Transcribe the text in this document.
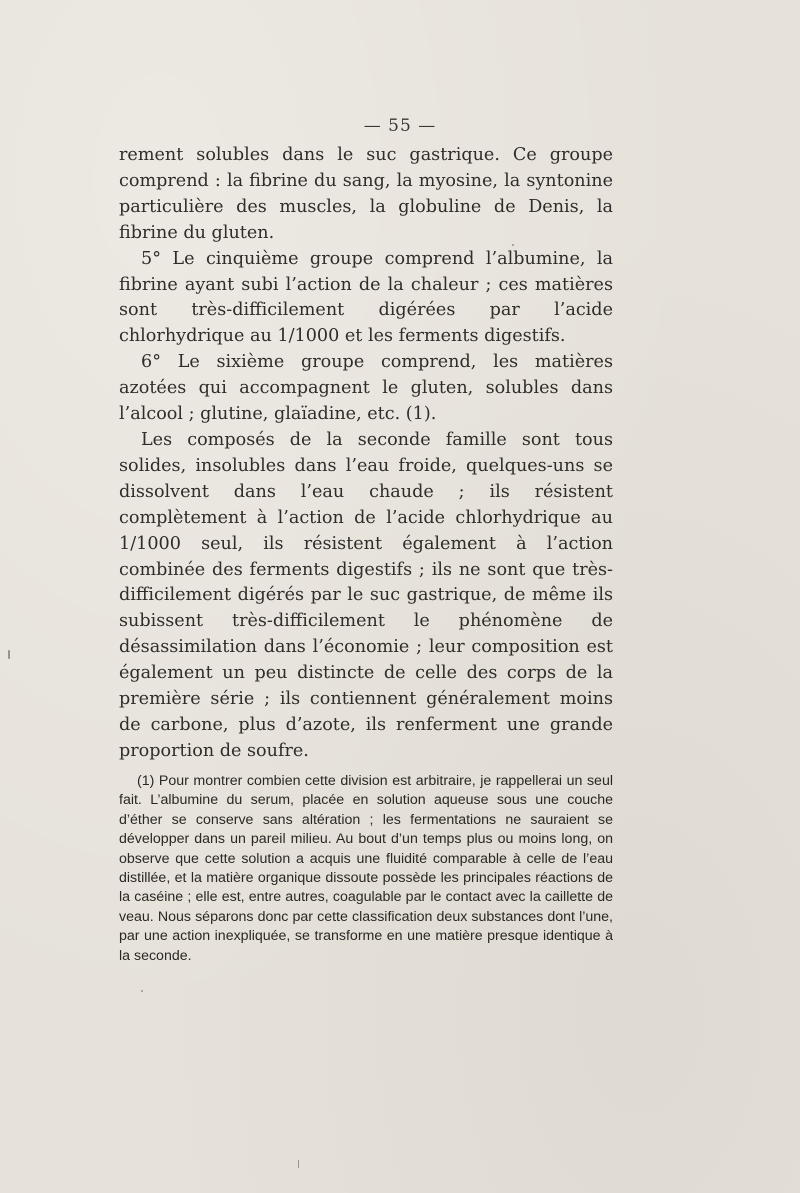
— 55 —

rement solubles dans le suc gastrique. Ce groupe comprend : la fibrine du sang, la myosine, la syntonine particulière des muscles, la globuline de Denis, la fibrine du gluten.

5° Le cinquième groupe comprend l’albumine, la fibrine ayant subi l’action de la chaleur ; ces matières sont très-difficilement digérées par l’acide chlorhydrique au 1/1000 et les ferments digestifs.

6° Le sixième groupe comprend, les matières azotées qui accompagnent le gluten, solubles dans l’alcool ; glutine, glaïadine, etc. (1).

Les composés de la seconde famille sont tous solides, insolubles dans l’eau froide, quelques-uns se dissolvent dans l’eau chaude ; ils résistent complètement à l’action de l’acide chlorhydrique au 1/1000 seul, ils résistent également à l’action combinée des ferments digestifs ; ils ne sont que très-difficilement digérés par le suc gastrique, de même ils subissent très-difficilement le phénomène de désassimilation dans l’économie ; leur composition est également un peu distincte de celle des corps de la première série ; ils contiennent généralement moins de carbone, plus d’azote, ils renferment une grande proportion de soufre.

(1) Pour montrer combien cette division est arbitraire, je rappellerai un seul fait. L’albumine du serum, placée en solution aqueuse sous une couche d’éther se conserve sans altération ; les fermentations ne sauraient se développer dans un pareil milieu. Au bout d’un temps plus ou moins long, on observe que cette solution a acquis une fluidité comparable à celle de l’eau distillée, et la matière organique dissoute possède les principales réactions de la caséine ; elle est, entre autres, coagulable par le contact avec la caillette de veau. Nous séparons donc par cette classification deux substances dont l’une, par une action inexpliquée, se transforme en une matière presque identique à la seconde.
